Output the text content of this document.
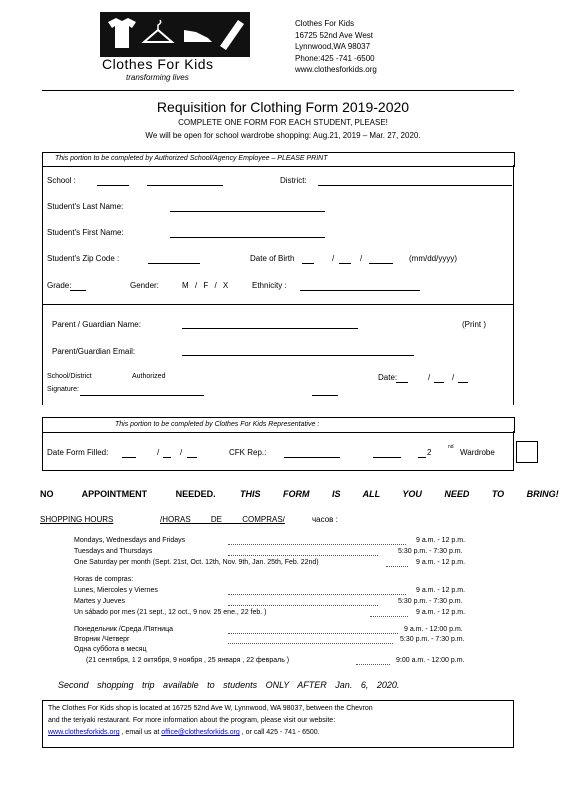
Clothes For Kids
transforming lives
Clothes For Kids
16725 52nd Ave West
Lynnwood,WA 98037
Phone:425 -741 -6500
www.clothesforkids.org
Requisition for Clothing Form 2019-2020
COMPLETE ONE FORM FOR EACH STUDENT, PLEASE!
We will be open for school wardrobe shopping: Aug.21, 2019 – Mar. 27, 2020.
This portion to be completed by Authorized School/Agency Employee – PLEASE PRINT
School :	District:
Student's Last Name:
Student's First Name:
Student's Zip Code :	Date of Birth	/	/	(mm/dd/yyyy)
Grade:	Gender:	M / F / X	Ethnicity :
Parent / Guardian Name:	(Print )
Parent/Guardian Email:
School/District	Authorized
Signature:
Date:	/	/
This portion to be completed by Clothes For Kids Representative :
Date Form Filled:	/	/	CFK Rep.:	2
nd
Wardrobe
NO APPOINTMENT NEEDED.	THIS FORM IS ALL YOU NEED TO BRING!
SHOPPING HOURS	/HORAS DE COMPRAS/	часов :
Mondays, Wednesdays and Fridays	9 a.m. - 12 p.m.
Tuesdays and Thursdays	5:30 p.m. - 7:30 p.m.
One Saturday per month (Sept. 21st, Oct. 12th, Nov. 9th, Jan. 25th, Feb. 22nd)	9 a.m. - 12 p.m.
Horas de compras:
Lunes, Miercoles y Viernes	9 a.m. - 12 p.m.
Martes y Jueves	5:30 p.m. - 7:30 p.m.
Un sábado por mes (21 sept., 12 oct., 9 nov. 25 ene., 22 feb. )	9 a.m. - 12 p.m.
Понедельник /Среда /Пятница	9 a.m. - 12:00 p.m.
Вторник /Четверг	5:30 p.m. - 7:30 p.m.
Одна суббота в месяц
(21 сентября, 1 2 октября, 9 ноября , 25 января , 22 февраль )	9:00 a.m. - 12:00 p.m.
Second shopping trip available to students ONLY AFTER Jan. 6, 2020.
The Clothes For Kids shop is located at 16725 52nd Ave W, Lynnwood, WA 98037, between the Chevron
and the teriyaki restaurant. For more information about the program, please visit our website:
www.clothesforkids.org , email us at office@clothesforkids.org , or call 425 - 741 - 6500.
